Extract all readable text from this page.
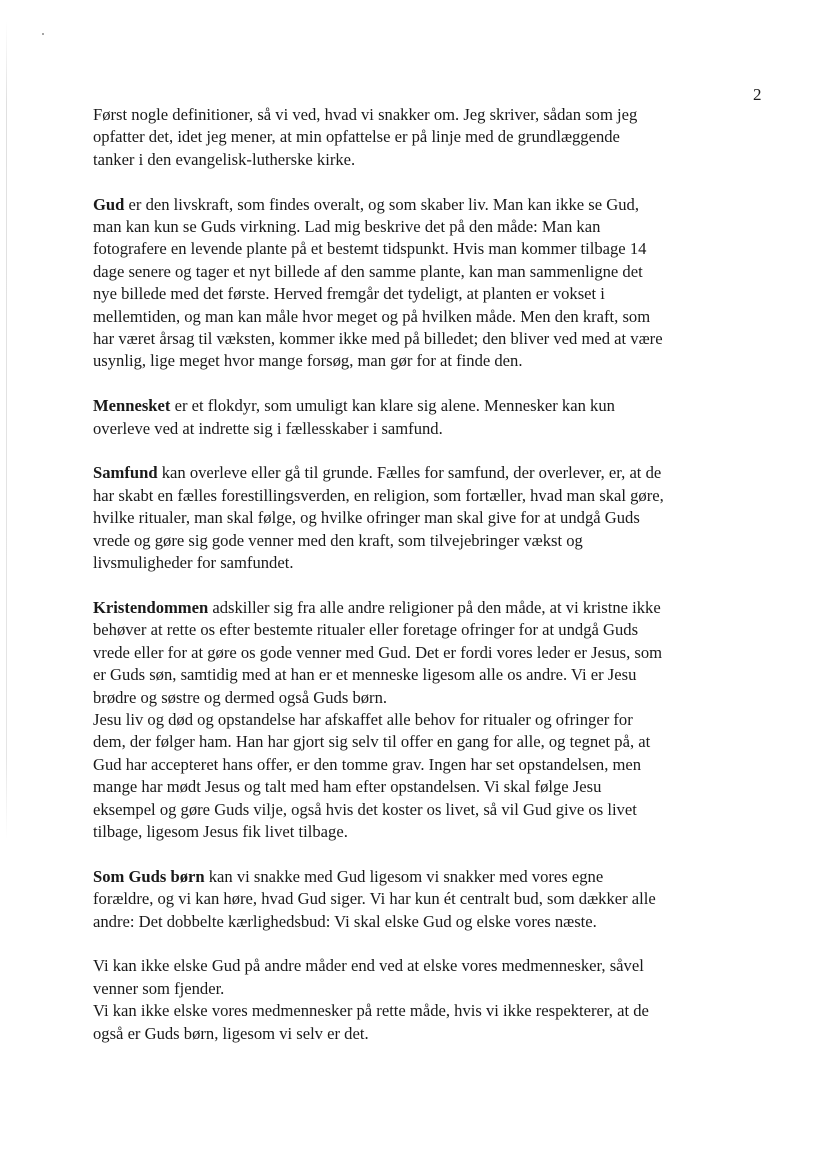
2

Først nogle definitioner, så vi ved, hvad vi snakker om. Jeg skriver, sådan som jeg
opfatter det, idet jeg mener, at min opfattelse er på linje med de grundlæggende
tanker i den evangelisk-lutherske kirke.

Gud er den livskraft, som findes overalt, og som skaber liv. Man kan ikke se Gud,
man kan kun se Guds virkning. Lad mig beskrive det på den måde: Man kan
fotografere en levende plante på et bestemt tidspunkt. Hvis man kommer tilbage 14
dage senere og tager et nyt billede af den samme plante, kan man sammenligne det
nye billede med det første. Herved fremgår det tydeligt, at planten er vokset i
mellemtiden, og man kan måle hvor meget og på hvilken måde. Men den kraft, som
har været årsag til væksten, kommer ikke med på billedet; den bliver ved med at være
usynlig, lige meget hvor mange forsøg, man gør for at finde den.

Mennesket er et flokdyr, som umuligt kan klare sig alene. Mennesker kan kun
overleve ved at indrette sig i fællesskaber i samfund.

Samfund kan overleve eller gå til grunde. Fælles for samfund, der overlever, er, at de
har skabt en fælles forestillingsverden, en religion, som fortæller, hvad man skal gøre,
hvilke ritualer, man skal følge, og hvilke ofringer man skal give for at undgå Guds
vrede og gøre sig gode venner med den kraft, som tilvejebringer vækst og
livsmuligheder for samfundet.

Kristendommen adskiller sig fra alle andre religioner på den måde, at vi kristne ikke
behøver at rette os efter bestemte ritualer eller foretage ofringer for at undgå Guds
vrede eller for at gøre os gode venner med Gud. Det er fordi vores leder er Jesus, som
er Guds søn, samtidig med at han er et menneske ligesom alle os andre. Vi er Jesu
brødre og søstre og dermed også Guds børn.

Jesu liv og død og opstandelse har afskaffet alle behov for ritualer og ofringer for
dem, der følger ham. Han har gjort sig selv til offer en gang for alle, og tegnet på, at
Gud har accepteret hans offer, er den tomme grav. Ingen har set opstandelsen, men
mange har mødt Jesus og talt med ham efter opstandelsen. Vi skal følge Jesu
eksempel og gøre Guds vilje, også hvis det koster os livet, så vil Gud give os livet
tilbage, ligesom Jesus fik livet tilbage.

Som Guds børn kan vi snakke med Gud ligesom vi snakker med vores egne
forældre, og vi kan høre, hvad Gud siger. Vi har kun ét centralt bud, som dækker alle
andre: Det dobbelte kærlighedsbud: Vi skal elske Gud og elske vores næste.

Vi kan ikke elske Gud på andre måder end ved at elske vores medmennesker, såvel
venner som fjender.

Vi kan ikke elske vores medmennesker på rette måde, hvis vi ikke respekterer, at de
også er Guds børn, ligesom vi selv er det.
